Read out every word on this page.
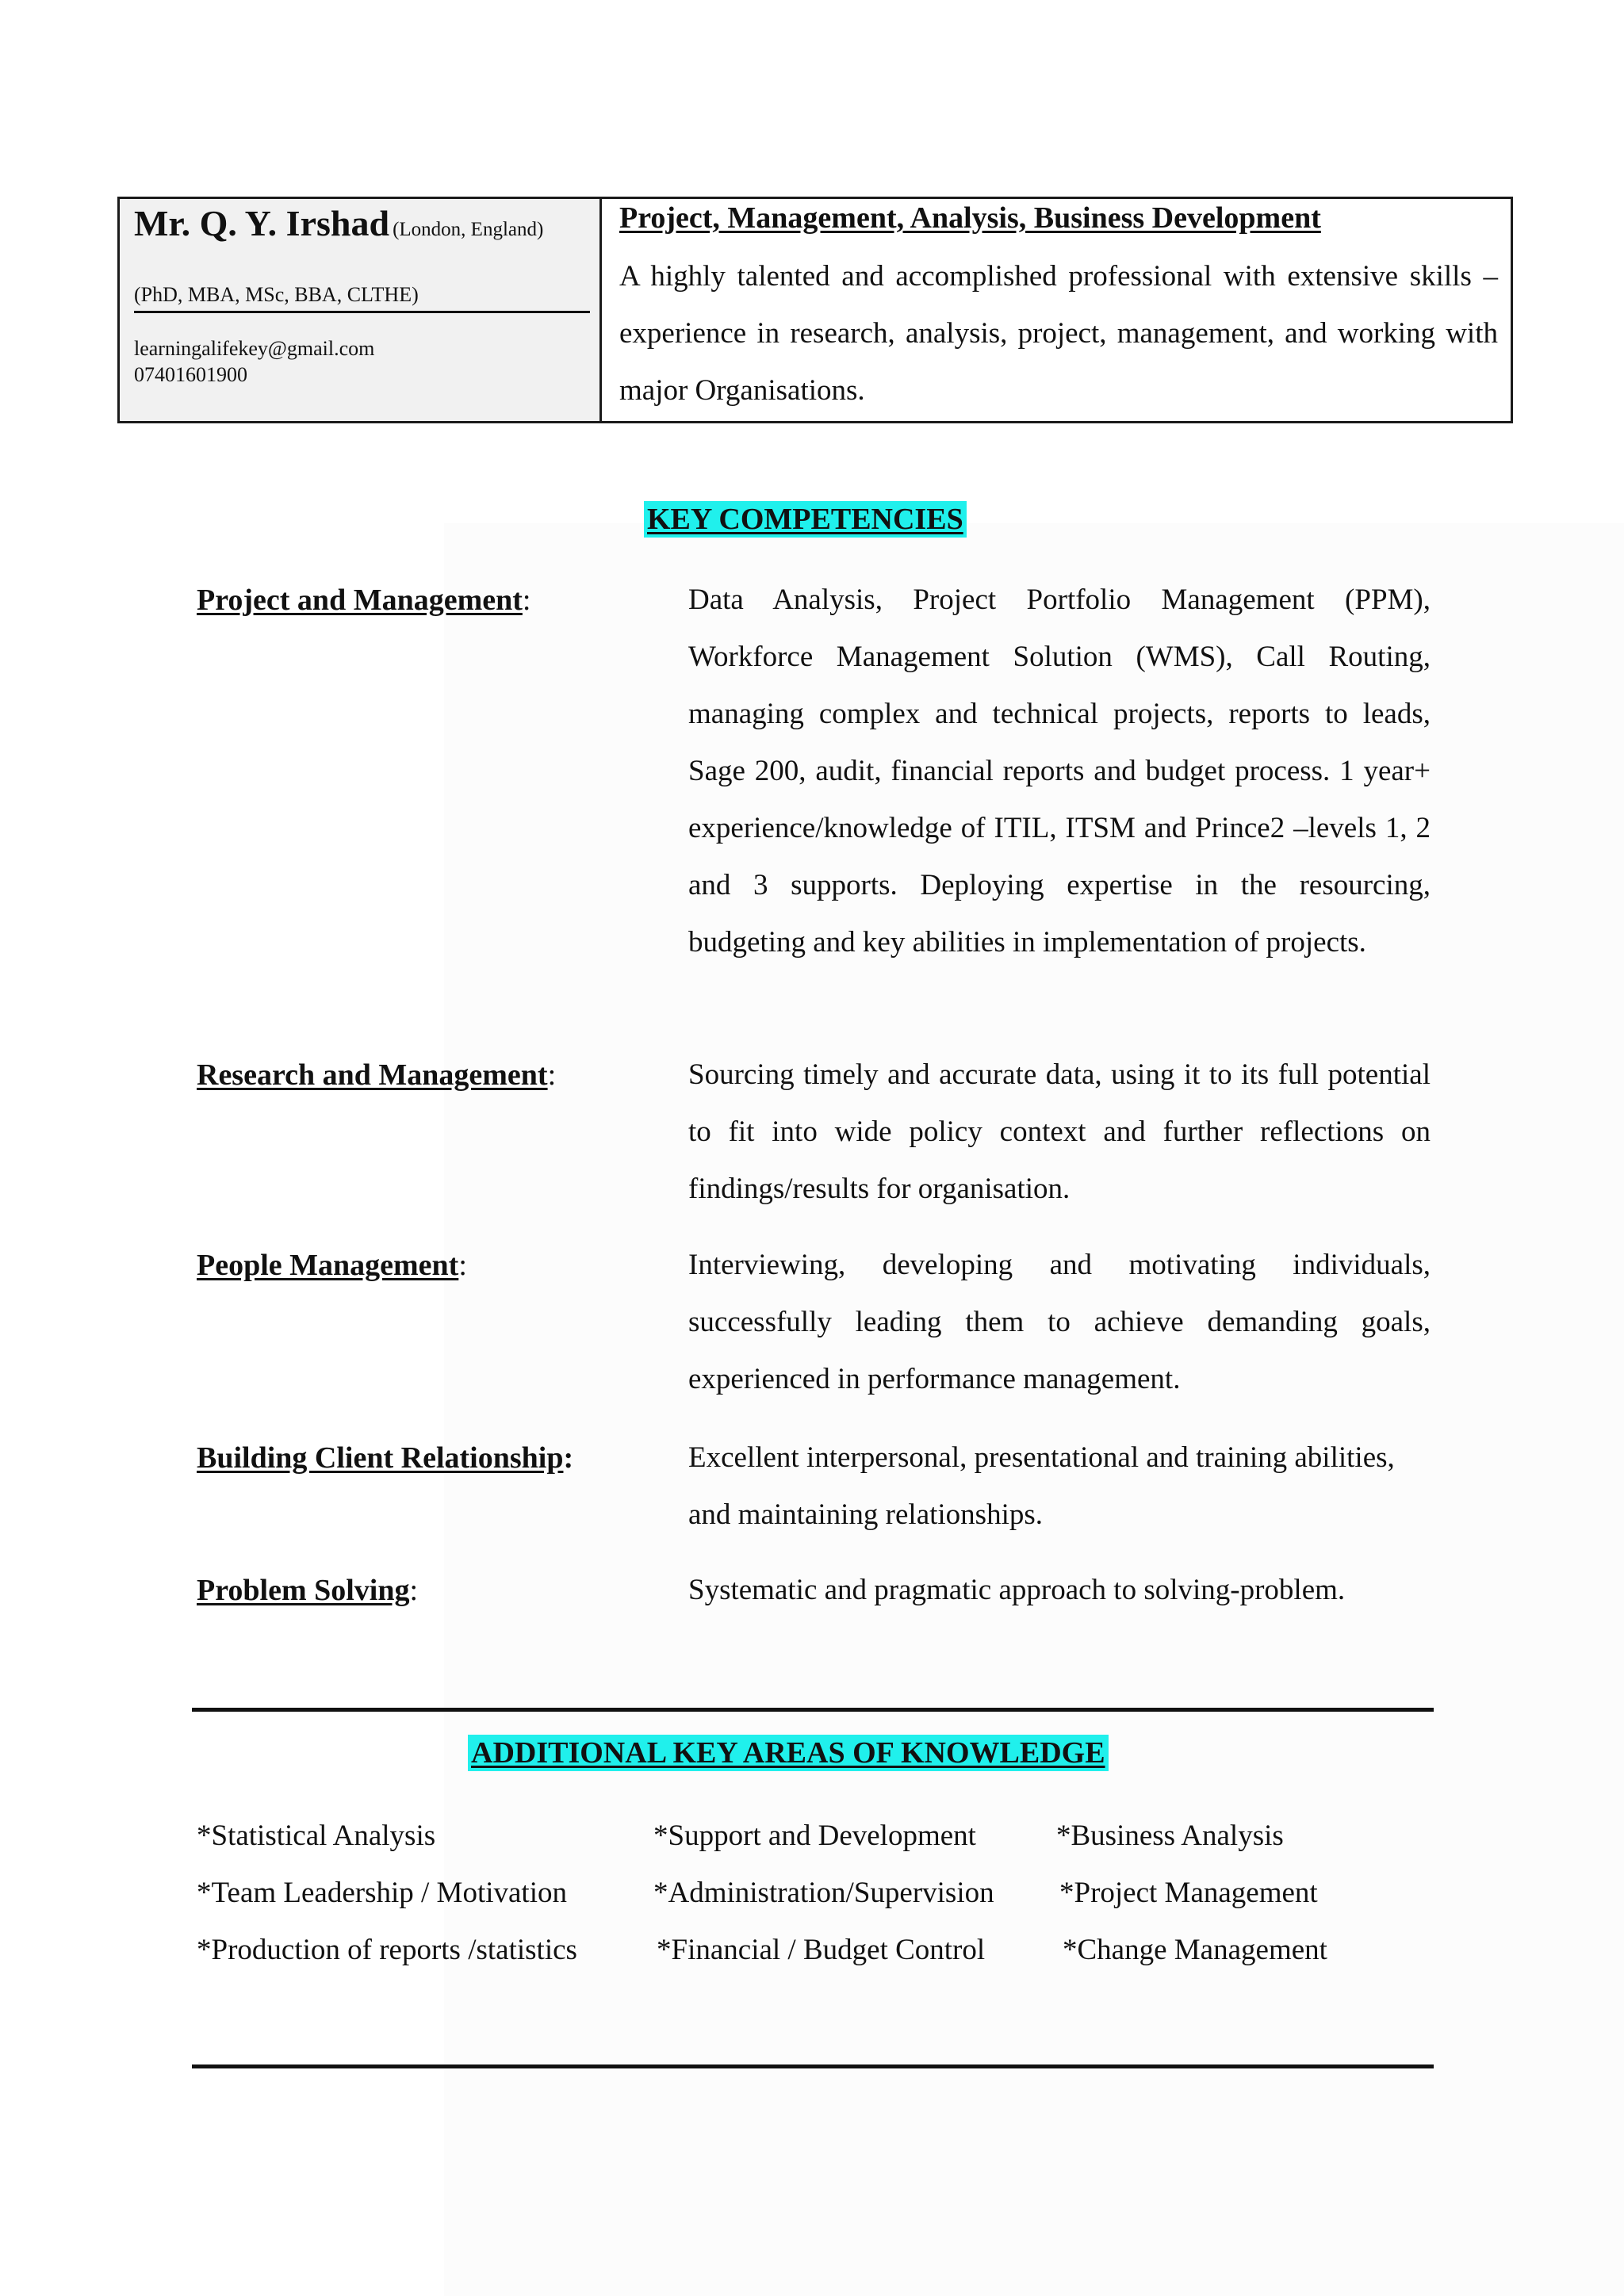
Mr. Q. Y. Irshad (London, England)
(PhD, MBA, MSc, BBA, CLTHE)
learningalifekey@gmail.com
07401601900
Project, Management, Analysis, Business Development
A highly talented and accomplished professional with extensive skills – experience in research, analysis, project, management, and working with major Organisations.
KEY COMPETENCIES
Project and Management:	Data Analysis, Project Portfolio Management (PPM), Workforce Management Solution (WMS), Call Routing, managing complex and technical projects, reports to leads, Sage 200, audit, financial reports and budget process. 1 year+ experience/knowledge of ITIL, ITSM and Prince2 –levels 1, 2 and 3 supports. Deploying expertise in the resourcing, budgeting and key abilities in implementation of projects.
Research and Management:	Sourcing timely and accurate data, using it to its full potential to fit into wide policy context and further reflections on findings/results for organisation.
People Management:	Interviewing, developing and motivating individuals, successfully leading them to achieve demanding goals, experienced in performance management.
Building Client Relationship:	Excellent interpersonal, presentational and training abilities, and maintaining relationships.
Problem Solving:	Systematic and pragmatic approach to solving-problem.
ADDITIONAL KEY AREAS OF KNOWLEDGE
*Statistical Analysis	*Support and Development	*Business Analysis
*Team Leadership / Motivation	*Administration/Supervision *Project Management
*Production of reports /statistics	*Financial / Budget Control	*Change Management
